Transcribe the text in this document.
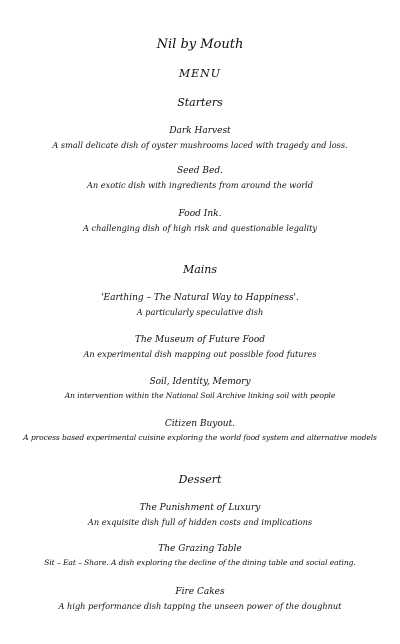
Nil by Mouth
MENU
Starters
Dark Harvest
A small delicate dish of oyster mushrooms laced with tragedy and loss.
Seed Bed.
An exotic dish with ingredients from around the world
Food Ink.
A challenging dish of high risk and questionable legality
Mains
'Earthing – The Natural Way to Happiness'.
A particularly speculative dish
The Museum of Future Food
An experimental dish mapping out possible food futures
Soil, Identity, Memory
An intervention within the National Soil Archive linking soil with people
Citizen Buyout.
A process based experimental cuisine exploring the world food system and alternative models
Dessert
The Punishment of Luxury
An exquisite dish full of hidden costs and implications
The Grazing Table
Sit – Eat – Share. A dish exploring the decline of the dining table and social eating.
Fire Cakes
A high performance dish tapping the unseen power of the doughnut
